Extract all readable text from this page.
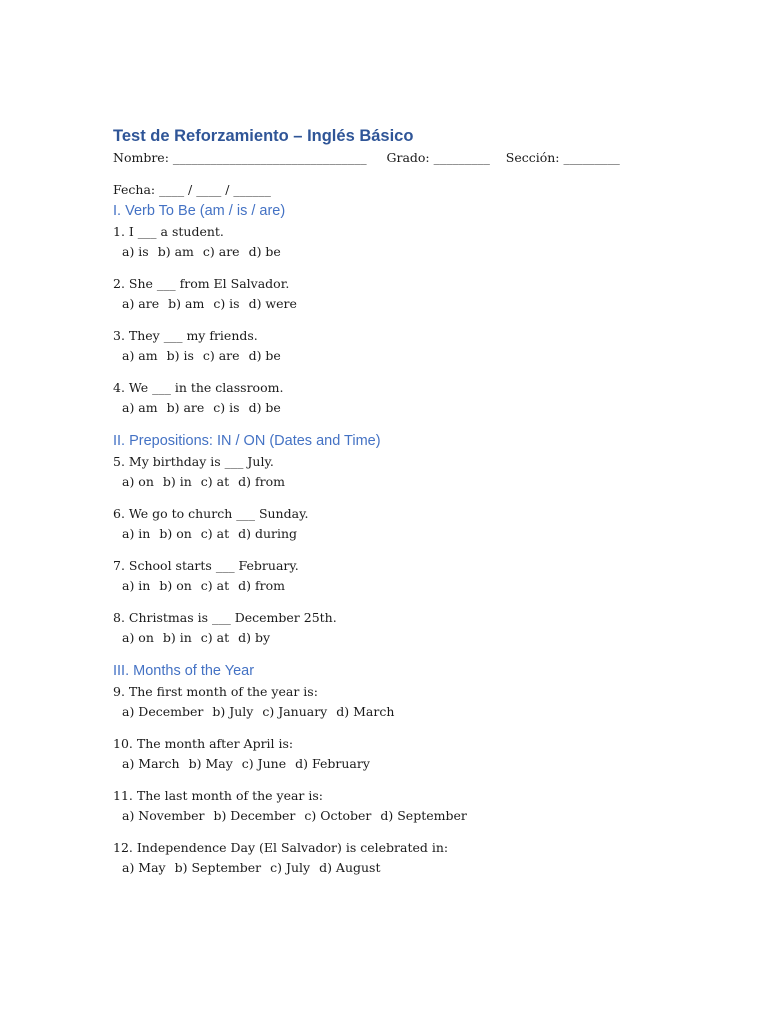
Test de Reforzamiento – Inglés Básico
Nombre: _______________________________     Grado: _________    Sección: _________
Fecha: ____ / ____ / ______
I. Verb To Be (am / is / are)
1. I ___ a student.
a) is b) am c) are d) be
2. She ___ from El Salvador.
a) are b) am c) is d) were
3. They ___ my friends.
a) am b) is c) are d) be
4. We ___ in the classroom.
a) am b) are c) is d) be
II. Prepositions: IN / ON (Dates and Time)
5. My birthday is ___ July.
a) on b) in c) at d) from
6. We go to church ___ Sunday.
a) in b) on c) at d) during
7. School starts ___ February.
a) in b) on c) at d) from
8. Christmas is ___ December 25th.
a) on b) in c) at d) by
III. Months of the Year
9. The first month of the year is:
a) December b) July c) January d) March
10. The month after April is:
a) March b) May c) June d) February
11. The last month of the year is:
a) November b) December c) October d) September
12. Independence Day (El Salvador) is celebrated in:
a) May b) September c) July d) August
